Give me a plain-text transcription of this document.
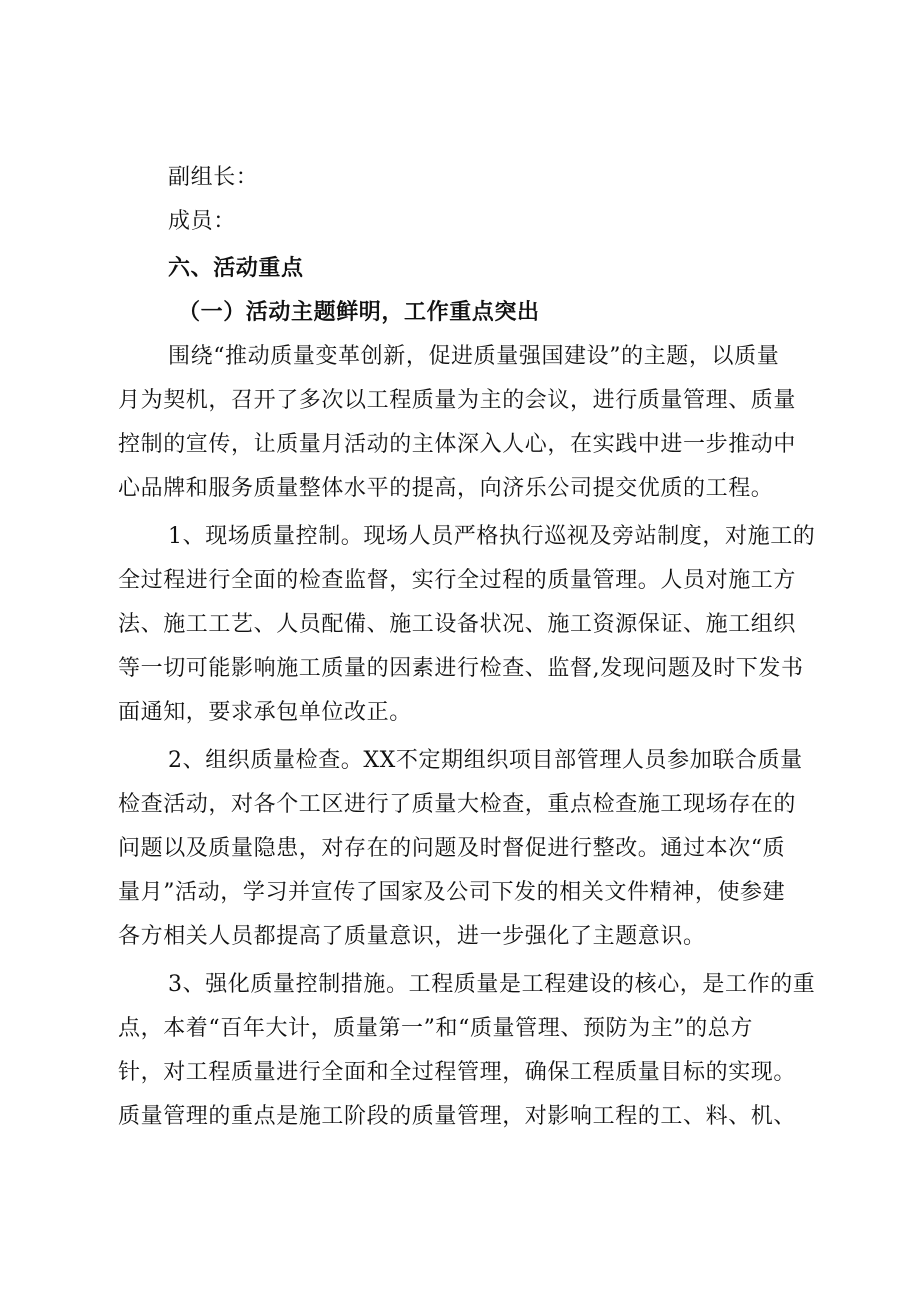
副组长：
成员：
六、活动重点
（一）活动主题鲜明，工作重点突出
围绕“推动质量变革创新，促进质量强国建设”的主题，以质量
月为契机，召开了多次以工程质量为主的会议，进行质量管理、质量
控制的宣传，让质量月活动的主体深入人心，在实践中进一步推动中
心品牌和服务质量整体水平的提高，向济乐公司提交优质的工程。
1、现场质量控制。现场人员严格执行巡视及旁站制度，对施工的
全过程进行全面的检查监督，实行全过程的质量管理。人员对施工方
法、施工工艺、人员配備、施工设备状况、施工资源保证、施工组织
等一切可能影响施工质量的因素进行检查、监督,发现问题及时下发书
面通知，要求承包单位改正。
2、组织质量检查。XX不定期组织项目部管理人员参加联合质量
检查活动，对各个工区进行了质量大检查，重点检查施工现场存在的
问题以及质量隐患，对存在的问题及时督促进行整改。通过本次“质
量月”活动，学习并宣传了国家及公司下发的相关文件精神，使参建
各方相关人员都提高了质量意识，进一步强化了主题意识。
3、强化质量控制措施。工程质量是工程建设的核心，是工作的重
点，本着“百年大计，质量第一”和“质量管理、预防为主”的总方
针，对工程质量进行全面和全过程管理，确保工程质量目标的实现。
质量管理的重点是施工阶段的质量管理，对影响工程的工、料、机、
